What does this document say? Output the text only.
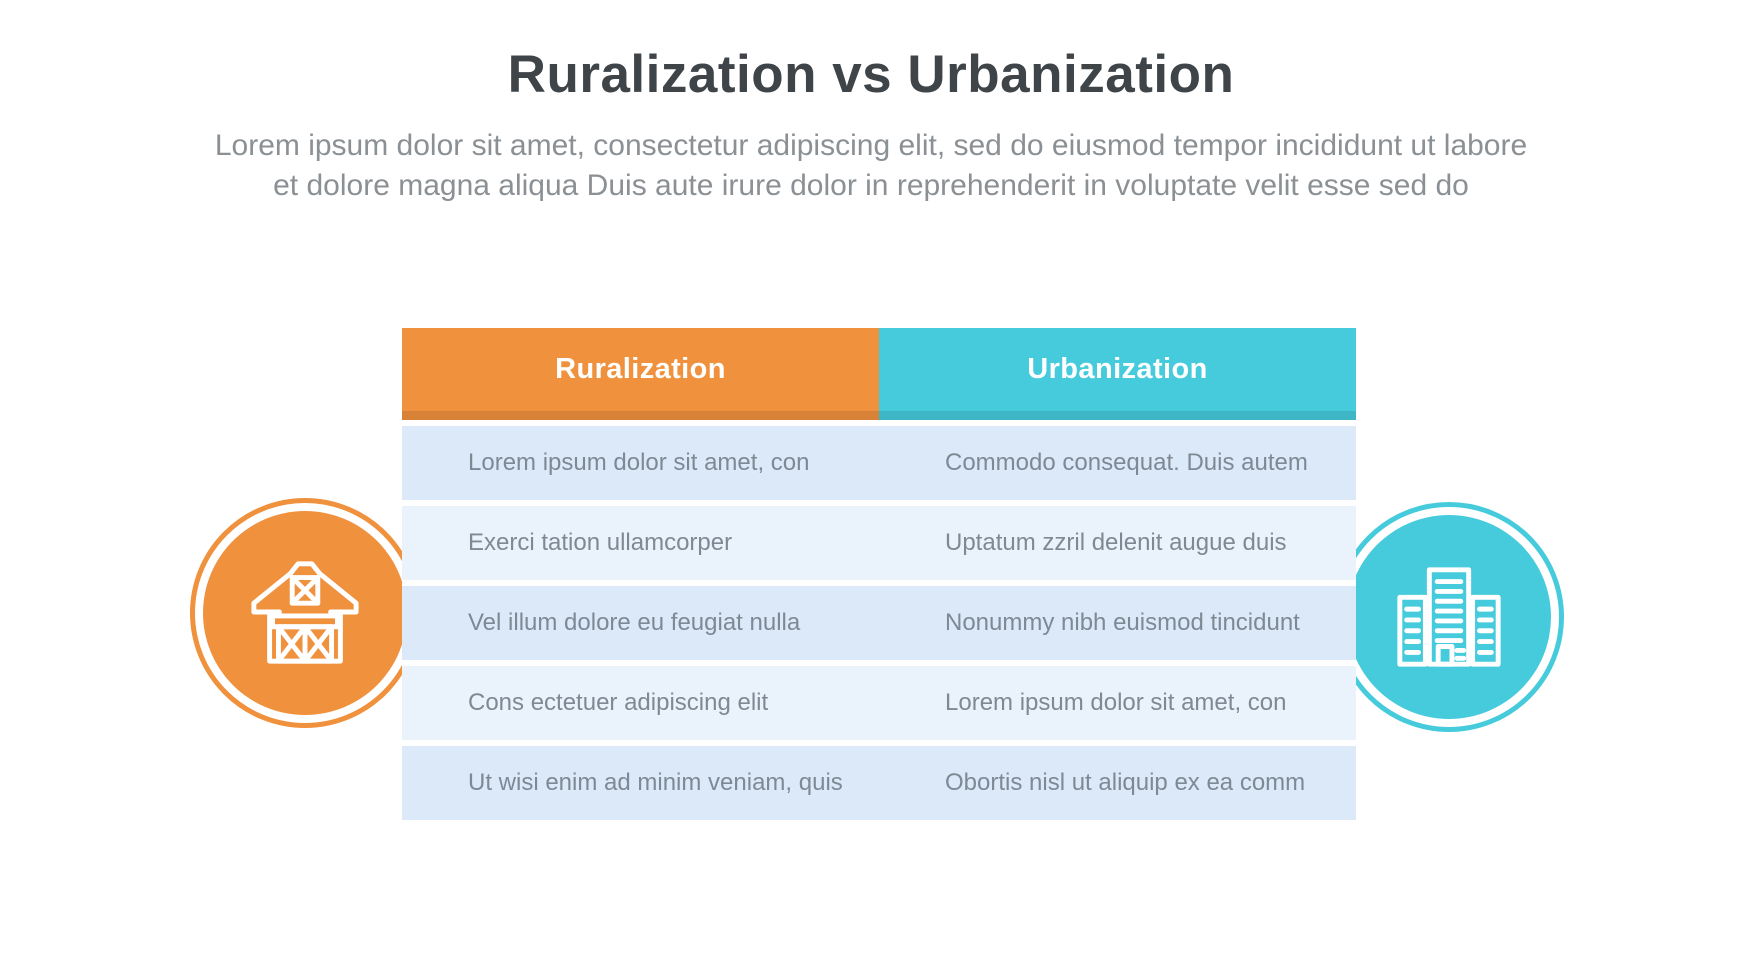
Ruralization vs Urbanization

Lorem ipsum dolor sit amet, consectetur adipiscing elit, sed do eiusmod tempor incididunt ut labore
et dolore magna aliqua Duis aute irure dolor in reprehenderit in voluptate velit esse sed do

Ruralization	Urbanization
Lorem ipsum dolor sit amet, con	Commodo consequat. Duis autem
Exerci tation ullamcorper	Uptatum zzril delenit augue duis
Vel illum dolore eu feugiat nulla	Nonummy nibh euismod tincidunt
Cons ectetuer adipiscing elit	Lorem ipsum dolor sit amet, con
Ut wisi enim ad minim veniam, quis	Obortis nisl ut aliquip ex ea comm
